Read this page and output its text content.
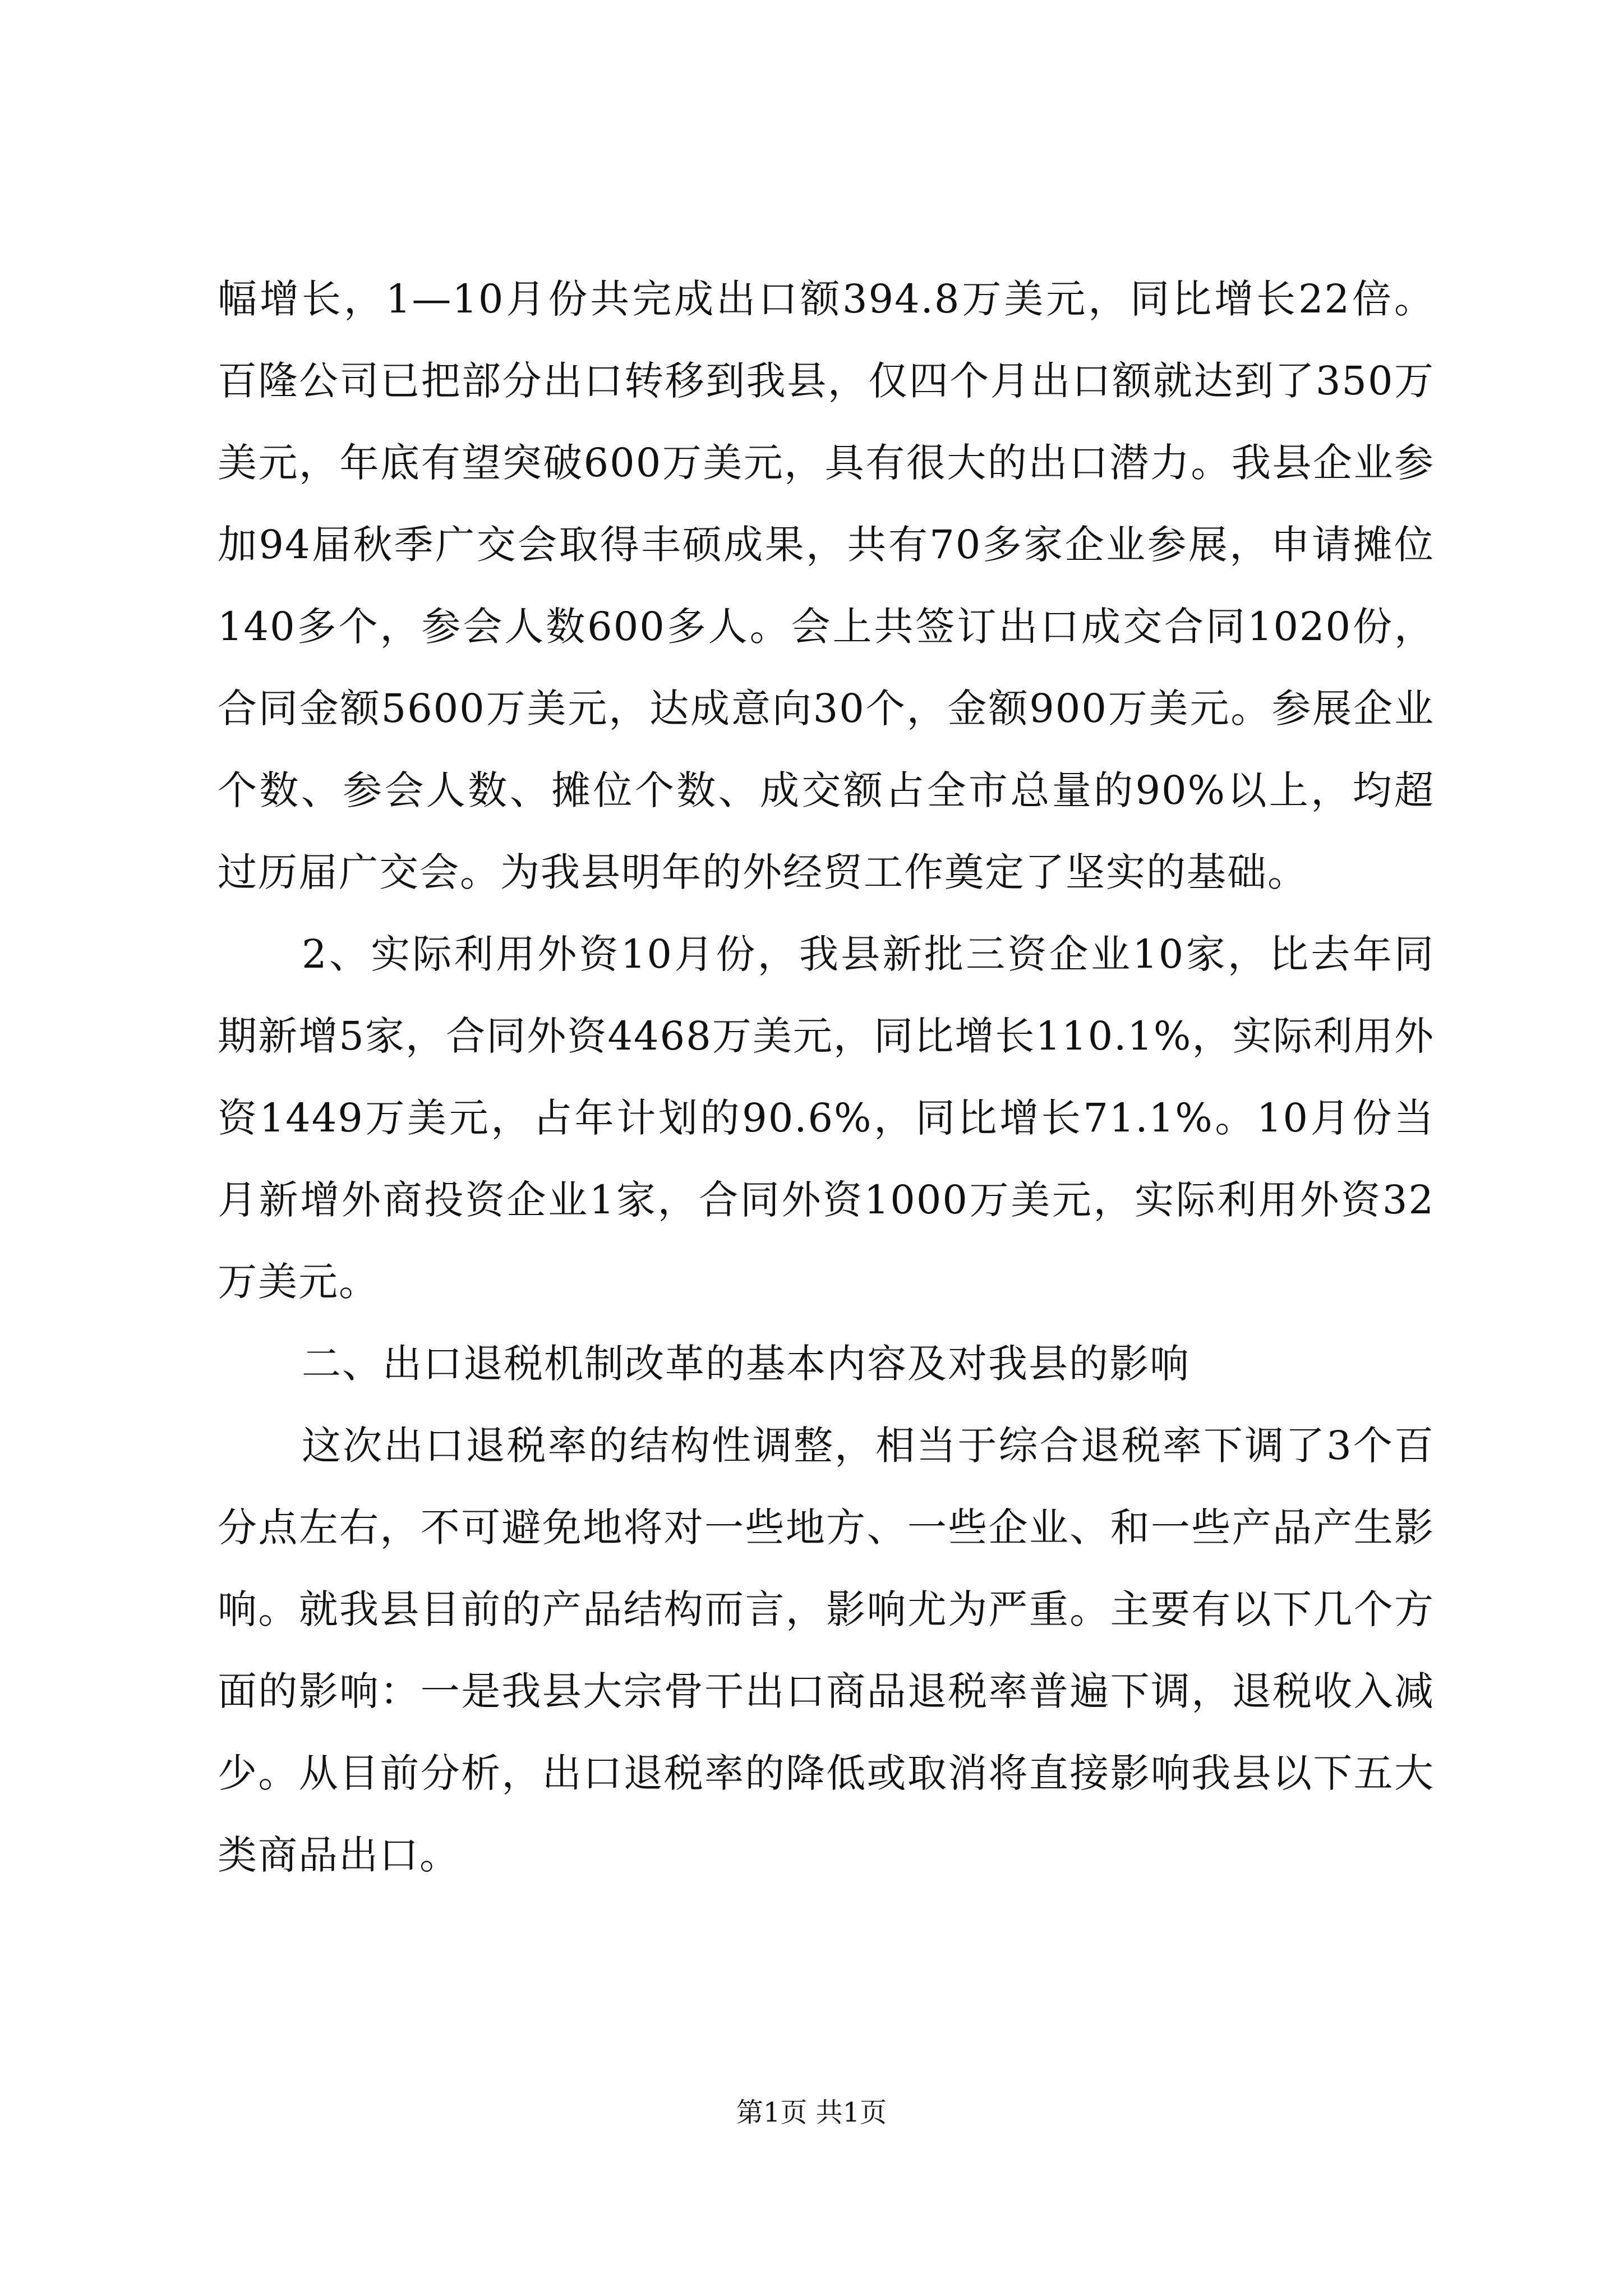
幅增长，1—10月份共完成出口额394.8万美元，同比增长22倍。百隆公司已把部分出口转移到我县，仅四个月出口额就达到了350万美元，年底有望突破600万美元，具有很大的出口潜力。我县企业参加94届秋季广交会取得丰硕成果，共有70多家企业参展，申请摊位140多个，参会人数600多人。会上共签订出口成交合同1020份，合同金额5600万美元，达成意向30个，金额900万美元。参展企业个数、参会人数、摊位个数、成交额占全市总量的90%以上，均超过历届广交会。为我县明年的外经贸工作奠定了坚实的基础。

2、实际利用外资10月份，我县新批三资企业10家，比去年同期新增5家，合同外资4468万美元，同比增长110.1%，实际利用外资1449万美元，占年计划的90.6%，同比增长71.1%。10月份当月新增外商投资企业1家，合同外资1000万美元，实际利用外资32万美元。

二、出口退税机制改革的基本内容及对我县的影响

这次出口退税率的结构性调整，相当于综合退税率下调了3个百分点左右，不可避免地将对一些地方、一些企业、和一些产品产生影响。就我县目前的产品结构而言，影响尤为严重。主要有以下几个方面的影响：一是我县大宗骨干出口商品退税率普遍下调，退税收入减少。从目前分析，出口退税率的降低或取消将直接影响我县以下五大类商品出口。

第1页 共1页
